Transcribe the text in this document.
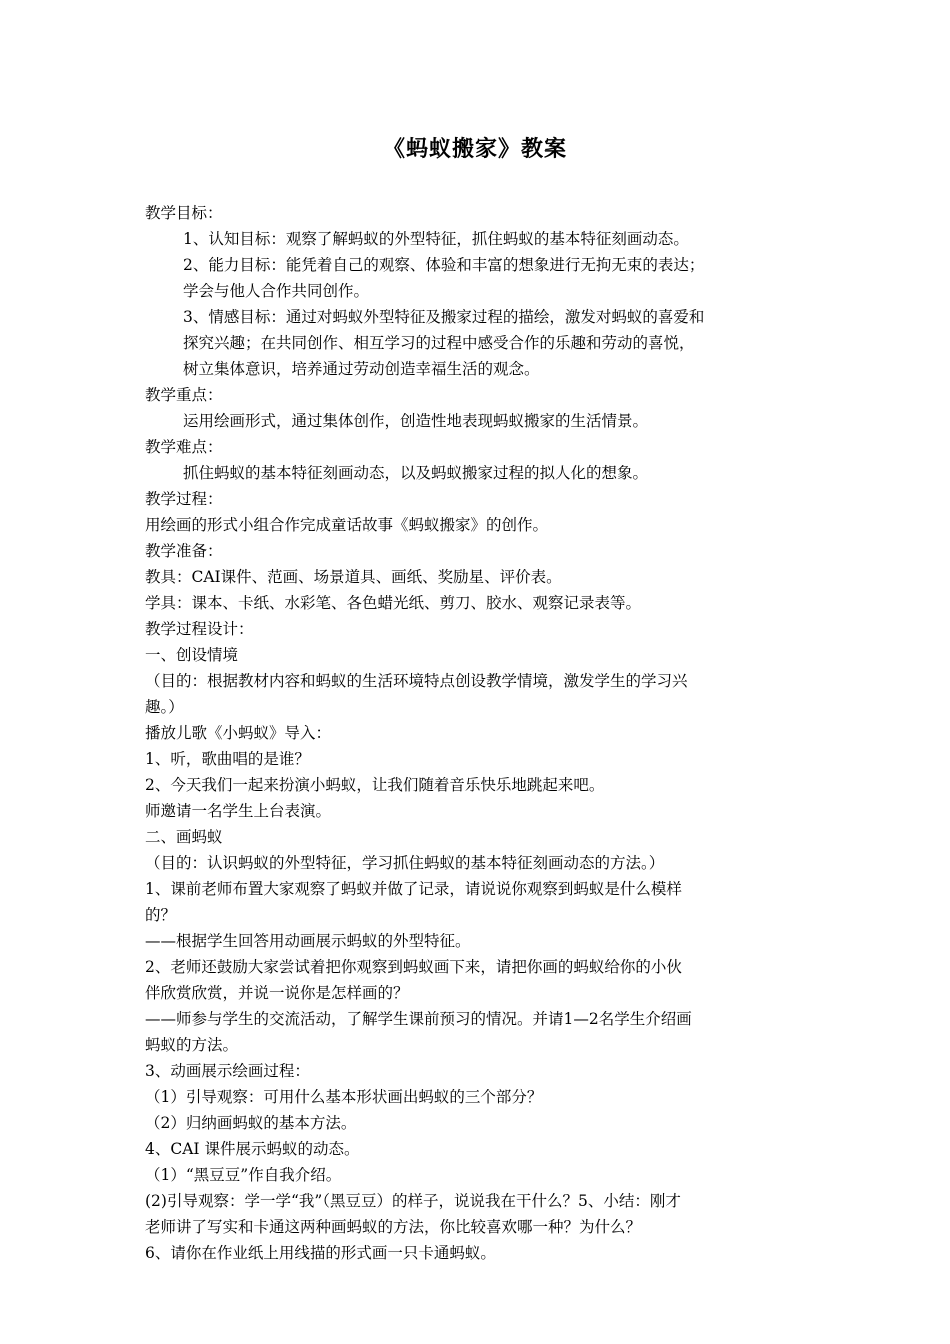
《蚂蚁搬家》教案

教学目标：

1、认知目标：观察了解蚂蚁的外型特征，抓住蚂蚁的基本特征刻画动态。

2、能力目标：能凭着自己的观察、体验和丰富的想象进行无拘无束的表达；

学会与他人合作共同创作。

3、情感目标：通过对蚂蚁外型特征及搬家过程的描绘，激发对蚂蚁的喜爱和

探究兴趣；在共同创作、相互学习的过程中感受合作的乐趣和劳动的喜悦，

树立集体意识，培养通过劳动创造幸福生活的观念。

教学重点：

运用绘画形式，通过集体创作，创造性地表现蚂蚁搬家的生活情景。

教学难点：

抓住蚂蚁的基本特征刻画动态，以及蚂蚁搬家过程的拟人化的想象。

教学过程：

用绘画的形式小组合作完成童话故事《蚂蚁搬家》的创作。

教学准备：

教具：CAI课件、范画、场景道具、画纸、奖励星、评价表。

学具：课本、卡纸、水彩笔、各色蜡光纸、剪刀、胶水、观察记录表等。

教学过程设计：

一、创设情境

（目的：根据教材内容和蚂蚁的生活环境特点创设教学情境，激发学生的学习兴

趣。）

播放儿歌《小蚂蚁》导入：

1、听，歌曲唱的是谁？

2、今天我们一起来扮演小蚂蚁，让我们随着音乐快乐地跳起来吧。

师邀请一名学生上台表演。

二、画蚂蚁

（目的：认识蚂蚁的外型特征，学习抓住蚂蚁的基本特征刻画动态的方法。）

1、课前老师布置大家观察了蚂蚁并做了记录，请说说你观察到蚂蚁是什么模样

的？

——根据学生回答用动画展示蚂蚁的外型特征。

2、老师还鼓励大家尝试着把你观察到蚂蚁画下来，请把你画的蚂蚁给你的小伙

伴欣赏欣赏，并说一说你是怎样画的？

——师参与学生的交流活动，了解学生课前预习的情况。并请1—2名学生介绍画

蚂蚁的方法。

3、动画展示绘画过程：

（1）引导观察：可用什么基本形状画出蚂蚁的三个部分？

（2）归纳画蚂蚁的基本方法。

4、CAI 课件展示蚂蚁的动态。

（1）“黑豆豆”作自我介绍。

(2)引导观察：学一学“我”（黑豆豆）的样子，说说我在干什么？5、小结：刚才

老师讲了写实和卡通这两种画蚂蚁的方法，你比较喜欢哪一种？为什么？

6、请你在作业纸上用线描的形式画一只卡通蚂蚁。
